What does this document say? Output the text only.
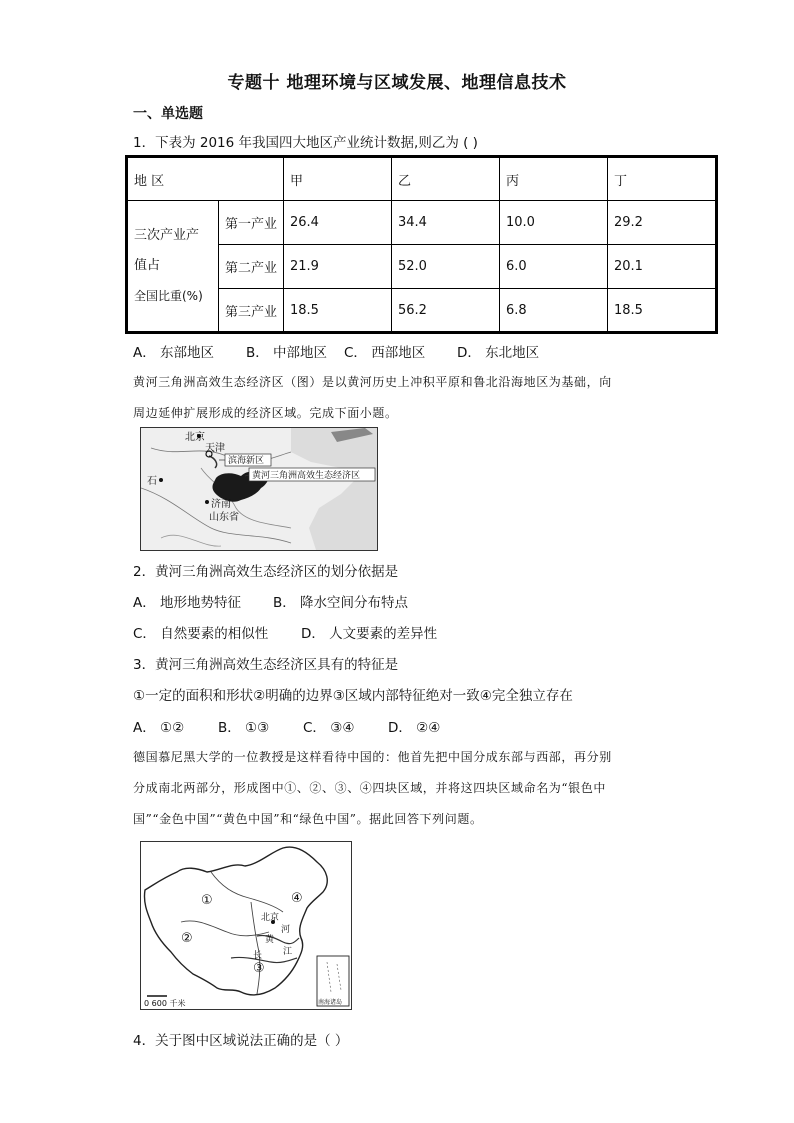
专题十 地理环境与区域发展、地理信息技术
一、单选题
1．下表为 2016 年我国四大地区产业统计数据,则乙为 ( )
地 区		甲	乙	丙	丁

三次产业产
值占
全国比重(%)	第一产业	26.4	34.4	10.0	29.2
	第二产业	21.9	52.0	6.0	20.1
	第三产业	18.5	56.2	6.8	18.5
A． 东部地区 B． 中部地区 C． 西部地区 D． 东北地区
黄河三角洲高效生态经济区（图）是以黄河历史上冲积平原和鲁北沿海地区为基础，向
周边延伸扩展形成的经济区域。完成下面小题。
北京
天津
滨海新区
黄河三角洲高效生态经济区
石
济南
山东省
2．黄河三角洲高效生态经济区的划分依据是
A． 地形地势特征 B． 降水空间分布特点
C． 自然要素的相似性 D． 人文要素的差异性
3．黄河三角洲高效生态经济区具有的特征是
①一定的面积和形状②明确的边界③区域内部特征绝对一致④完全独立存在
A． ①②	B． ①③ C． ③④ D． ②④
德国慕尼黑大学的一位教授是这样看待中国的：他首先把中国分成东部与西部，再分别
分成南北两部分，形成图中①、②、③、④四块区域，并将这四块区域命名为“银色中
国”“金色中国”“黄色中国”和“绿色中国”。据此回答下列问题。
①
②
③
④
北京
黄
河
长 江
0 600 千米	南海诸岛
4．关于图中区域说法正确的是（ ）
